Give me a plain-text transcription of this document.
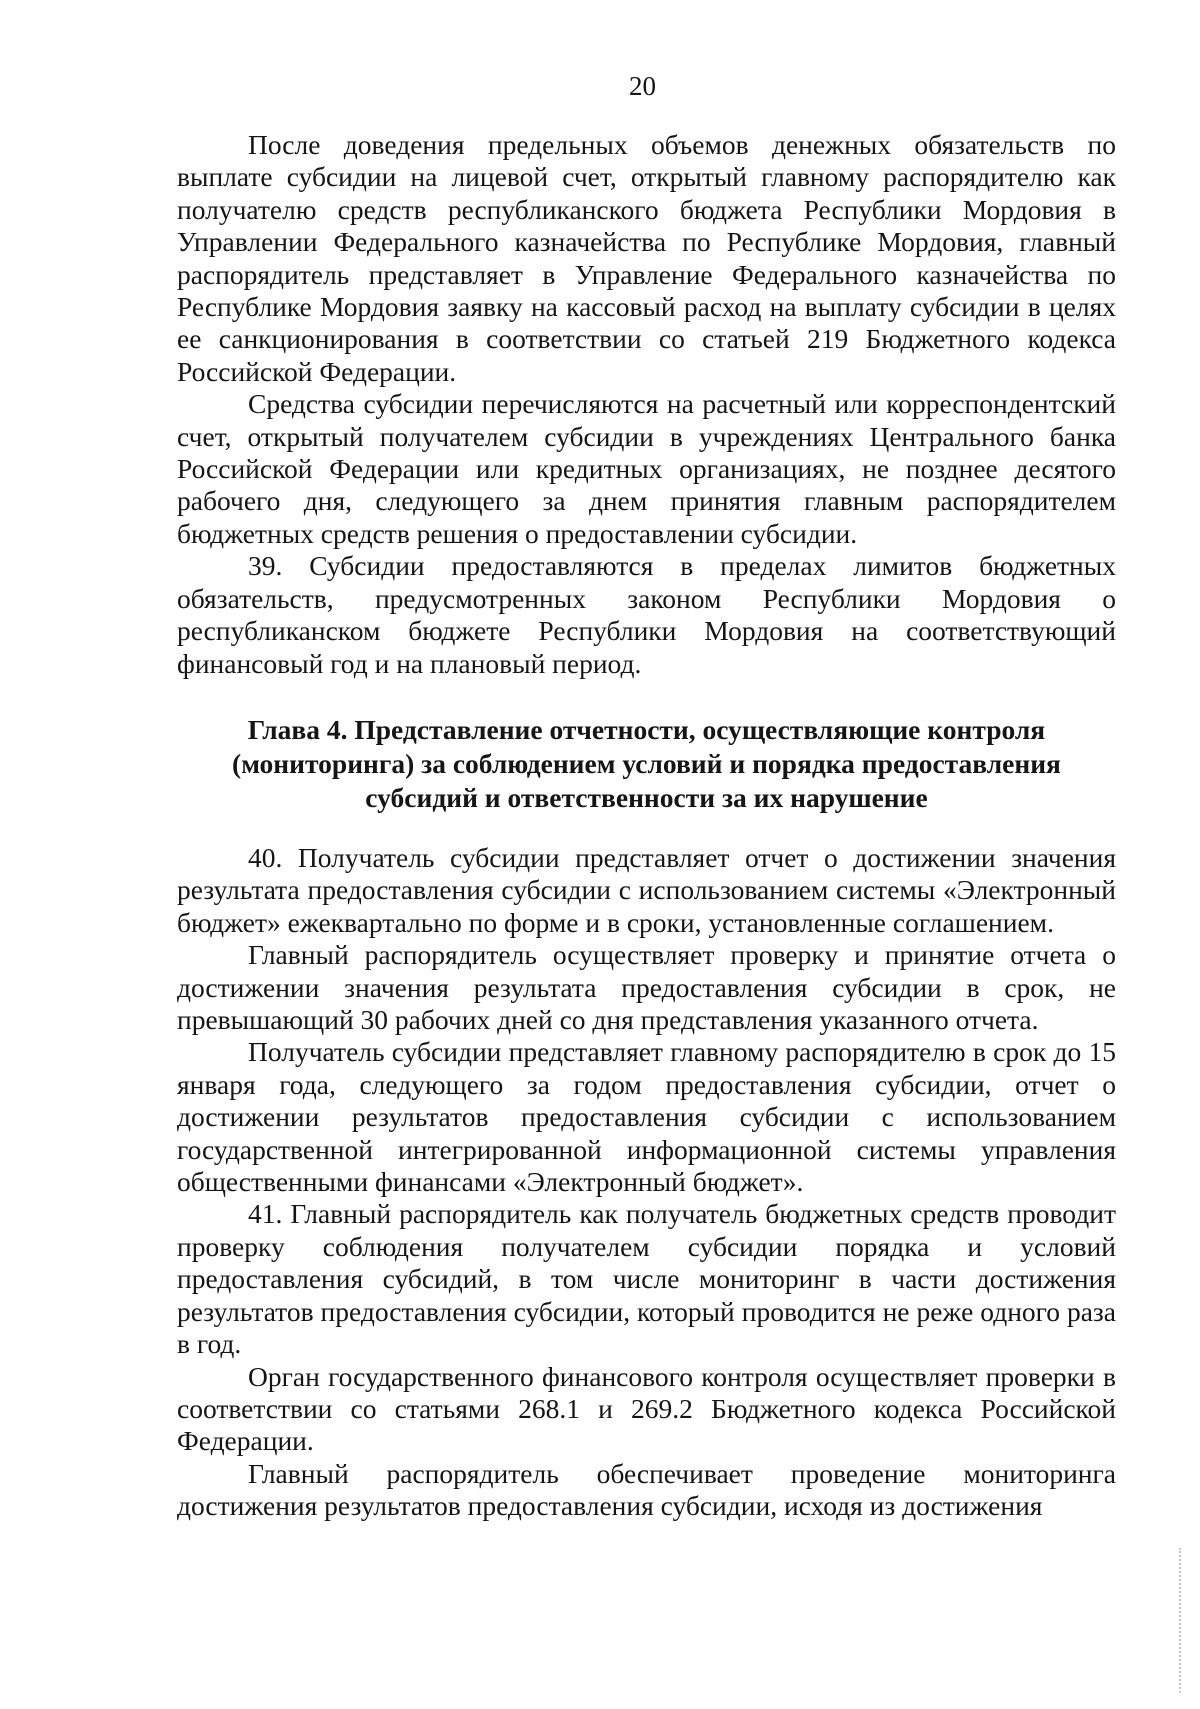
20

После доведения предельных объемов денежных обязательств по выплате субсидии на лицевой счет, открытый главному распорядителю как получателю средств республиканского бюджета Республики Мордовия в Управлении Федерального казначейства по Республике Мордовия, главный распорядитель представляет в Управление Федерального казначейства по Республике Мордовия заявку на кассовый расход на выплату субсидии в целях ее санкционирования в соответствии со статьей 219 Бюджетного кодекса Российской Федерации.

Средства субсидии перечисляются на расчетный или корреспондентский счет, открытый получателем субсидии в учреждениях Центрального банка Российской Федерации или кредитных организациях, не позднее десятого рабочего дня, следующего за днем принятия главным распорядителем бюджетных средств решения о предоставлении субсидии.

39. Субсидии предоставляются в пределах лимитов бюджетных обязательств, предусмотренных законом Республики Мордовия о республиканском бюджете Республики Мордовия на соответствующий финансовый год и на плановый период.

Глава 4. Представление отчетности, осуществляющие контроля (мониторинга) за соблюдением условий и порядка предоставления субсидий и ответственности за их нарушение

40. Получатель субсидии представляет отчет о достижении значения результата предоставления субсидии с использованием системы «Электронный бюджет» ежеквартально по форме и в сроки, установленные соглашением.

Главный распорядитель осуществляет проверку и принятие отчета о достижении значения результата предоставления субсидии в срок, не превышающий 30 рабочих дней со дня представления указанного отчета.

Получатель субсидии представляет главному распорядителю в срок до 15 января года, следующего за годом предоставления субсидии, отчет о достижении результатов предоставления субсидии с использованием государственной интегрированной информационной системы управления общественными финансами «Электронный бюджет».

41. Главный распорядитель как получатель бюджетных средств проводит проверку соблюдения получателем субсидии порядка и условий предоставления субсидий, в том числе мониторинг в части достижения результатов предоставления субсидии, который проводится не реже одного раза в год.

Орган государственного финансового контроля осуществляет проверки в соответствии со статьями 268.1 и 269.2 Бюджетного кодекса Российской Федерации.

Главный распорядитель обеспечивает проведение мониторинга достижения результатов предоставления субсидии, исходя из достижения
